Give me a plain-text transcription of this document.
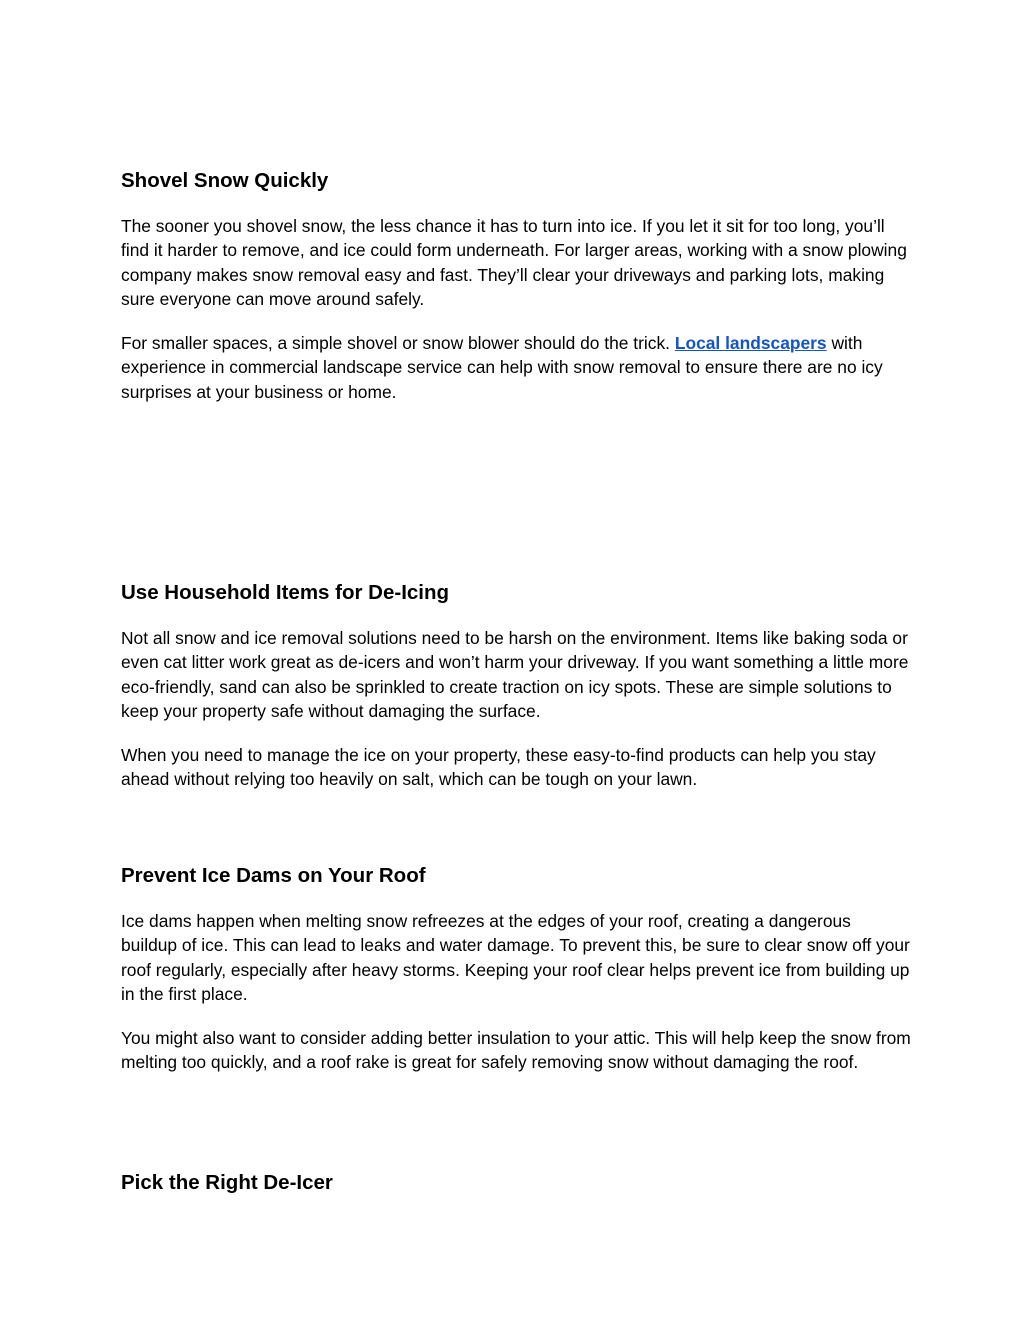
Shovel Snow Quickly

The sooner you shovel snow, the less chance it has to turn into ice. If you let it sit for too long, you’ll find it harder to remove, and ice could form underneath. For larger areas, working with a snow plowing company makes snow removal easy and fast. They’ll clear your driveways and parking lots, making sure everyone can move around safely.

For smaller spaces, a simple shovel or snow blower should do the trick. Local landscapers with experience in commercial landscape service can help with snow removal to ensure there are no icy surprises at your business or home.

Use Household Items for De-Icing

Not all snow and ice removal solutions need to be harsh on the environment. Items like baking soda or even cat litter work great as de-icers and won’t harm your driveway. If you want something a little more eco-friendly, sand can also be sprinkled to create traction on icy spots. These are simple solutions to keep your property safe without damaging the surface.

When you need to manage the ice on your property, these easy-to-find products can help you stay ahead without relying too heavily on salt, which can be tough on your lawn.

Prevent Ice Dams on Your Roof

Ice dams happen when melting snow refreezes at the edges of your roof, creating a dangerous buildup of ice. This can lead to leaks and water damage. To prevent this, be sure to clear snow off your roof regularly, especially after heavy storms. Keeping your roof clear helps prevent ice from building up in the first place.

You might also want to consider adding better insulation to your attic. This will help keep the snow from melting too quickly, and a roof rake is great for safely removing snow without damaging the roof.

Pick the Right De-Icer
